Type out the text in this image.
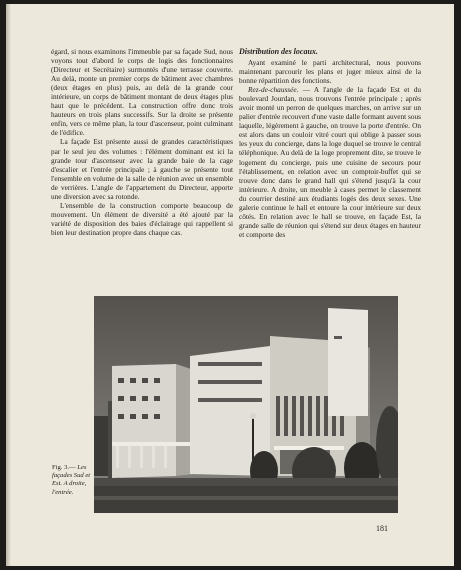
égard, si nous examinons l'immeuble par sa façade Sud, nous voyons tout d'abord le corps de logis des fonctionnaires (Directeur et Secrétaire) surmontés d'une terrasse couverte. Au delà, monte un premier corps de bâtiment avec chambres (deux étages en plus) puis, au delà de la grande cour intérieure, un corps de bâtiment montant de deux étages plus haut que le précédent. La construction offre donc trois hauteurs en trois plans successifs. Sur la droite se présente enfin, vers ce même plan, la tour d'ascenseur, point culminant de l'édifice.

La façade Est présente aussi de grandes caractéristiques par le seul jeu des volumes : l'élément dominant est ici la grande tour d'ascenseur avec la grande baie de la cage d'escalier et l'entrée principale ; à gauche se présente tout l'ensemble en volume de la salle de réunion avec un ensemble de verrières. L'angle de l'appartement du Directeur, apporte une diversion avec sa rotonde.

L'ensemble de la construction comporte beaucoup de mouvement. Un élément de diversité a été ajouté par la variété de disposition des baies d'éclairage qui rappellent si bien leur destination propre dans chaque cas.

Distribution des locaux.

Ayant examiné le parti architectural, nous pouvons maintenant parcourir les plans et juger mieux ainsi de la bonne répartition des fonctions.

Rez-de-chaussée. — A l'angle de la façade Est et du boulevard Jourdan, nous trouvons l'entrée principale ; après avoir monté un perron de quelques marches, on arrive sur un palier d'entrée recouvert d'une vaste dalle formant auvent sous laquelle, légèrement à gauche, on trouve la porte d'entrée. On est alors dans un couloir vitré court qui oblige à passer sous les yeux du concierge, dans la loge duquel se trouve le central téléphonique. Au delà de la loge proprement dite, se trouve le logement du concierge, puis une cuisine de secours pour l'établissement, en relation avec un comptoir-buffet qui se trouve donc dans le grand hall qui s'étend jusqu'à la cour intérieure. A droite, un meuble à cases permet le classement du courrier destiné aux étudiants logés des deux sexes. Une galerie continue le hall et entoure la cour intérieure sur deux côtés. En relation avec le hall se trouve, en façade Est, la grande salle de réunion qui s'étend sur deux étages en hauteur et comporte des

Fig. 3.— Les façades Sud et Est. A droite, l'entrée.
181
